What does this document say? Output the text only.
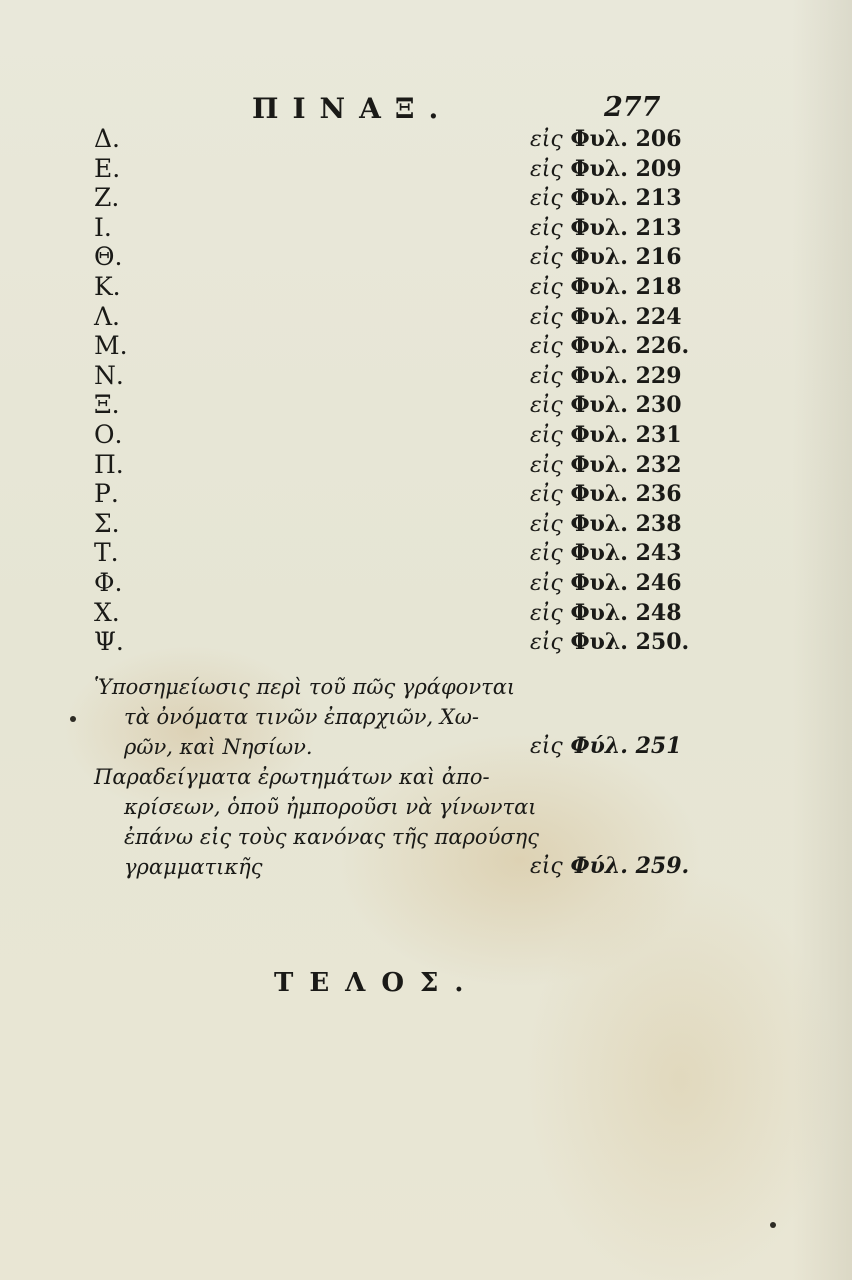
ΠΙΝΑΞ.	277
Δ.	εἰς Φυλ. 206
Ε.	εἰς Φυλ. 209
Ζ.	εἰς Φυλ. 213
Ι.	εἰς Φυλ. 213
Θ.	εἰς Φυλ. 216
Κ.	εἰς Φυλ. 218
Λ.	εἰς Φυλ. 224
Μ.	εἰς Φυλ. 226.
Ν.	εἰς Φυλ. 229
Ξ.	εἰς Φυλ. 230
Ο.	εἰς Φυλ. 231
Π.	εἰς Φυλ. 232
Ρ.	εἰς Φυλ. 236
Σ.	εἰς Φυλ. 238
Τ.	εἰς Φυλ. 243
Φ.	εἰς Φυλ. 246
Χ.	εἰς Φυλ. 248
Ψ.	εἰς Φυλ. 250.
Ὑποσημείωσις περὶ τοῦ πῶς γράφονται
τὰ ὀνόματα τινῶν ἐπαρχιῶν, Χω-
ρῶν, καὶ Νησίων.	εἰς Φύλ. 251
Παραδείγματα ἐρωτημάτων καὶ ἀπο-
κρίσεων, ὁποῦ ἠμποροῦσι νὰ γίνωνται
ἐπάνω εἰς τοὺς κανόνας τῆς παρούσης
γραμματικῆς	εἰς Φύλ. 259.
ΤΕΛΟΣ.
